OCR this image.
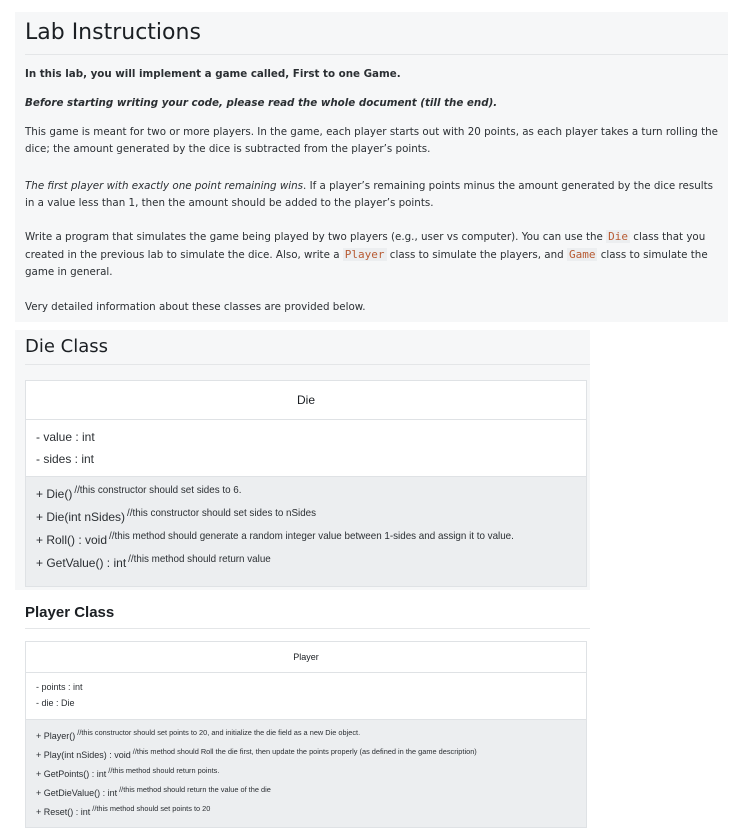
Lab Instructions

In this lab, you will implement a game called, First to one Game.

Before starting writing your code, please read the whole document (till the end).

This game is meant for two or more players. In the game, each player starts out with 20 points, as each player takes a turn rolling the dice; the amount generated by the dice is subtracted from the player’s points.

The first player with exactly one point remaining wins. If a player’s remaining points minus the amount generated by the dice results in a value less than 1, then the amount should be added to the player’s points.

Write a program that simulates the game being played by two players (e.g., user vs computer). You can use the Die class that you created in the previous lab to simulate the dice. Also, write a Player class to simulate the players, and Game class to simulate the game in general.

Very detailed information about these classes are provided below.

Die Class
Die
- value : int
- sides : int
+ Die() $^{//this constructor should set sides to 6.}$
+ Die(int nSides) $^{//this constructor should set sides to nSides}$
+ Roll() : void $^{//this method should generate a random integer value between 1-sides and assign it to value.}$
+ GetValue() : int $^{//this method should return value}$
Player Class
Player
- points : int
- die : Die
+ Player() $^{//this constructor should set points to 20, and initialize the die field as a new Die object.}$
+ Play(int nSides) : void $^{//this method should Roll the die first, then update the points properly (as defined in the game description)}$
+ GetPoints() : int $^{//this method should return points.}$
+ GetDieValue() : int $^{//this method should return the value of the die}$
+ Reset() : int $^{//this method should set points to 20}$
